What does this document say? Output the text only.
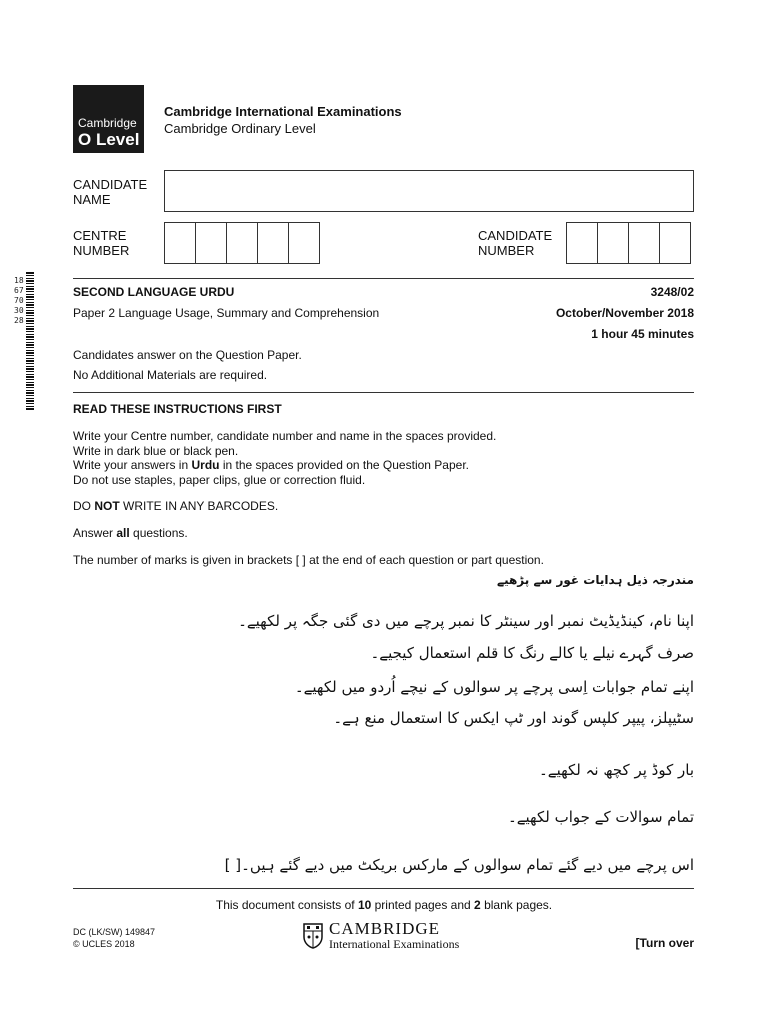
Cambridge
O Level
Cambridge International Examinations
Cambridge Ordinary Level
CANDIDATE NAME
CENTRE NUMBER
CANDIDATE NUMBER
1867703028
SECOND LANGUAGE URDU	3248/02
Paper 2 Language Usage, Summary and Comprehension	October/November 2018
1 hour 45 minutes
Candidates answer on the Question Paper.
No Additional Materials are required.
READ THESE INSTRUCTIONS FIRST
Write your Centre number, candidate number and name in the spaces provided.
Write in dark blue or black pen.
Write your answers in Urdu in the spaces provided on the Question Paper.
Do not use staples, paper clips, glue or correction fluid.
DO NOT WRITE IN ANY BARCODES.
Answer all questions.
The number of marks is given in brackets [ ] at the end of each question or part question.
مندرجہ ذیل ہدایات غور سے پڑھیے
اپنا نام، کینڈیڈیٹ نمبر اور سینٹر کا نمبر پرچے میں دی گئی جگہ پر لکھیے۔
صرف گہرے نیلے یا کالے رنگ کا قلم استعمال کیجیے۔
اپنے تمام جوابات اِسی پرچے پر سوالوں کے نیچے اُردو میں لکھیے۔
سٹیپلز، پیپر کلپس گوند اور ٹپ ایکس کا استعمال منع ہے۔
بار کوڈ پر کچھ نہ لکھیے۔
تمام سوالات کے جواب لکھیے۔
اس پرچے میں دیے گئے تمام سوالوں کے مارکس بریکٹ میں دیے گئے ہیں۔[ ]
This document consists of 10 printed pages and 2 blank pages.
DC (LK/SW) 149847
© UCLES 2018
CAMBRIDGE
International Examinations	[Turn over
